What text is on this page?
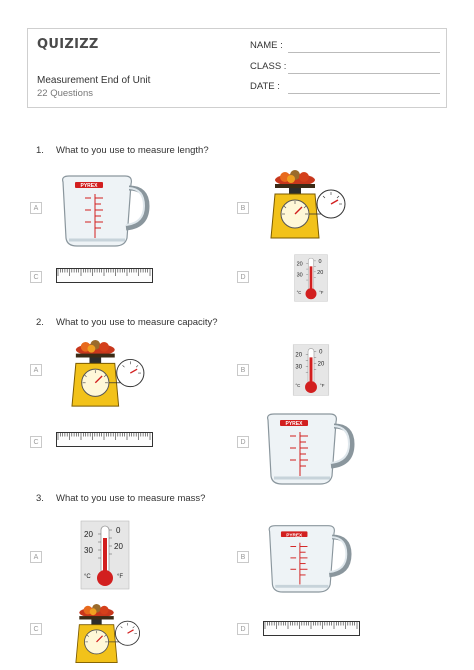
QUIZIZZ
Measurement End of Unit
22 Questions
NAME :
CLASS :
DATE :
1. What to you use to measure length?
2. What to you use to measure capacity?
3. What to you use to measure mass?
A	B
C	D
A	B
C	D
A	B
C	D
PYREX
20
30
0
20
°C	°F
20
30
0
20
°C	°F
PYREX
20
30
0
20
°C	°F
PYREX
